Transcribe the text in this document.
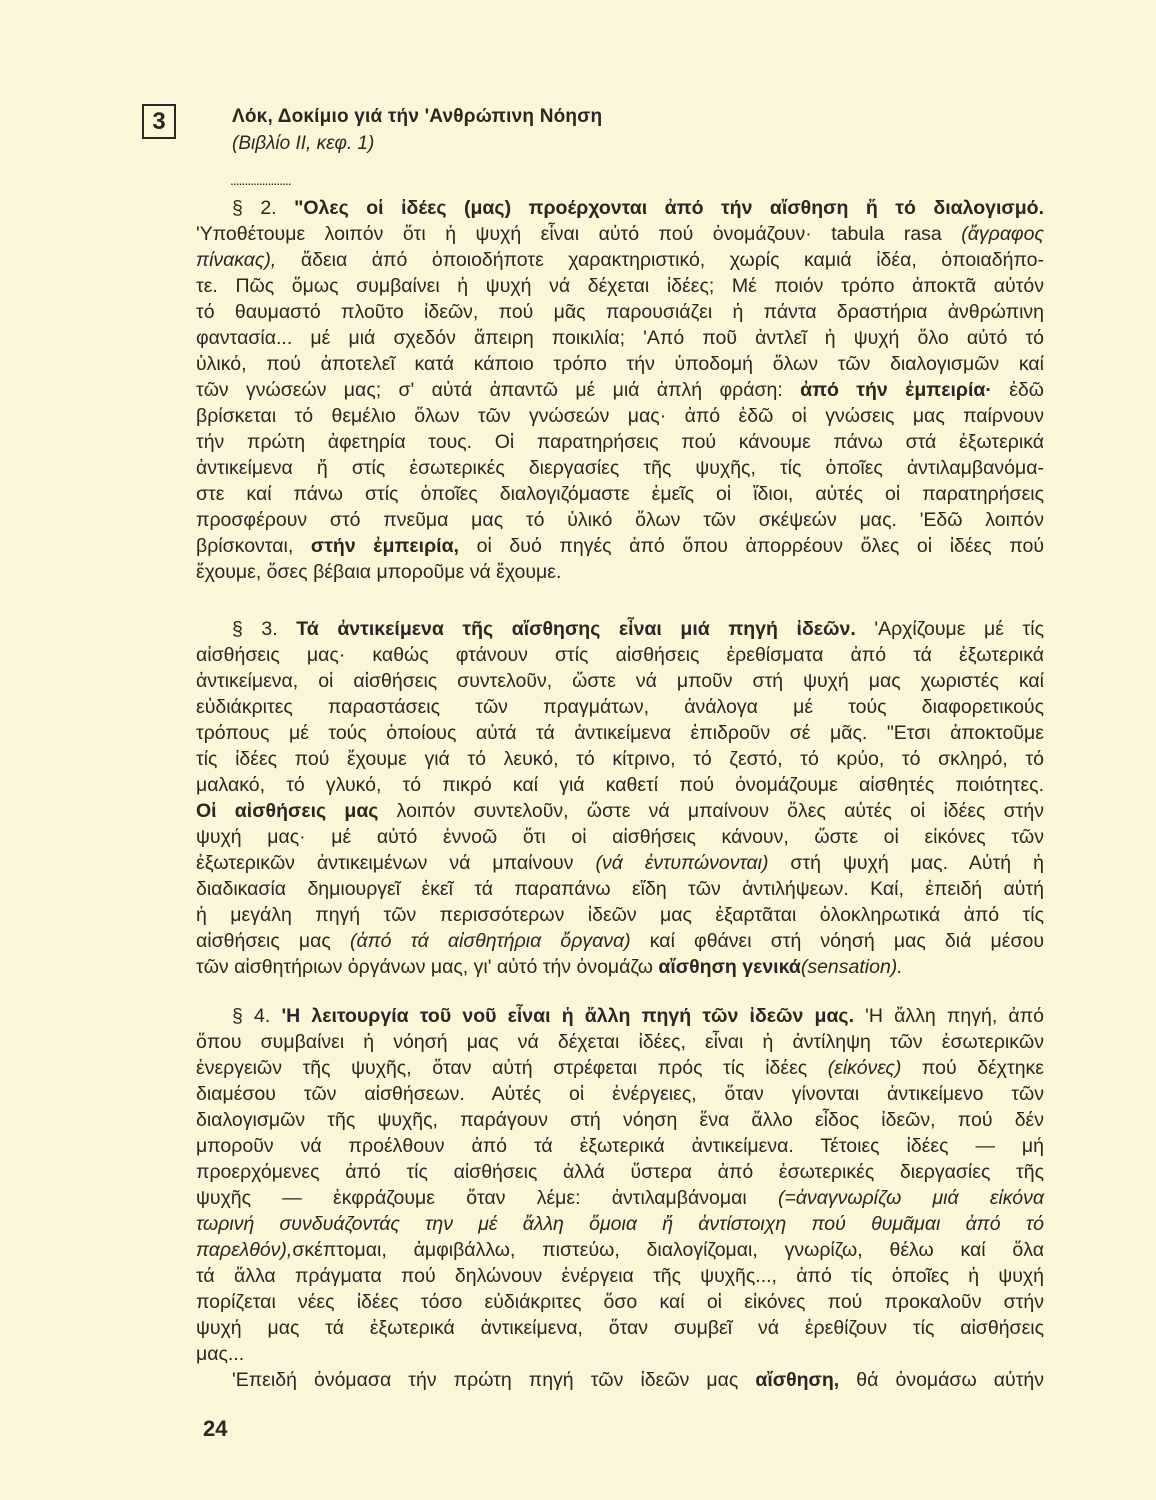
3	Λόκ, Δοκίμιο γιά τήν 'Ανθρώπινη Νόηση
(Βιβλίο II, κεφ. 1)
.....................
§ 2. "Ολες οἱ ἰδέες (μας) προέρχονται ἀπό τήν αἴσθηση ἤ τό διαλογισμό.
'Υποθέτουμε λοιπόν ὅτι ἡ ψυχή εἶναι αὐτό πού ὀνομάζουν· tabula rasa (ἄγραφος
πίνακας), ἄδεια ἀπό ὁποιοδήποτε χαρακτηριστικό, χωρίς καμιά ἰδέα, ὁποιαδήπο-
τε. Πῶς ὅμως συμβαίνει ἡ ψυχή νά δέχεται ἰδέες; Μέ ποιόν τρόπο ἀποκτᾶ αὐτόν
τό θαυμαστό πλοῦτο ἰδεῶν, πού μᾶς παρουσιάζει ἡ πάντα δραστήρια ἀνθρώπινη
φαντασία... μέ μιά σχεδόν ἄπειρη ποικιλία; 'Από ποῦ ἀντλεῖ ἡ ψυχή ὅλο αὐτό τό
ὑλικό, πού ἀποτελεῖ κατά κάποιο τρόπο τήν ὑποδομή ὅλων τῶν διαλογισμῶν καί
τῶν γνώσεών μας; σ' αὐτά ἀπαντῶ μέ μιά ἁπλή φράση: ἀπό τήν ἐμπειρία· ἐδῶ
βρίσκεται τό θεμέλιο ὅλων τῶν γνώσεών μας· ἀπό ἐδῶ οἱ γνώσεις μας παίρνουν
τήν πρώτη ἀφετηρία τους. Οἱ παρατηρήσεις πού κάνουμε πάνω στά ἐξωτερικά
ἀντικείμενα ἤ στίς ἐσωτερικές διεργασίες τῆς ψυχῆς, τίς ὁποῖες ἀντιλαμβανόμα-
στε καί πάνω στίς ὁποῖες διαλογιζόμαστε ἐμεῖς οἱ ἴδιοι, αὐτές οἱ παρατηρήσεις
προσφέρουν στό πνεῦμα μας τό ὑλικό ὅλων τῶν σκέψεών μας. 'Εδῶ λοιπόν
βρίσκονται, στήν ἐμπειρία, οἱ δυό πηγές ἀπό ὅπου ἀπορρέουν ὅλες οἱ ἰδέες πού
ἔχουμε, ὅσες βέβαια μποροῦμε νά ἔχουμε.
§ 3. Τά ἀντικείμενα τῆς αἴσθησης εἶναι μιά πηγή ἰδεῶν. 'Αρχίζουμε μέ τίς
αἰσθήσεις μας· καθώς φτάνουν στίς αἰσθήσεις ἐρεθίσματα ἀπό τά ἐξωτερικά
ἀντικείμενα, οἱ αἰσθήσεις συντελοῦν, ὥστε νά μποῦν στή ψυχή μας χωριστές καί
εὐδιάκριτες παραστάσεις τῶν πραγμάτων, ἀνάλογα μέ τούς διαφορετικούς
τρόπους μέ τούς ὁποίους αὐτά τά ἀντικείμενα ἐπιδροῦν σέ μᾶς. "Ετσι ἀποκτοῦμε
τίς ἰδέες πού ἔχουμε γιά τό λευκό, τό κίτρινο, τό ζεστό, τό κρύο, τό σκληρό, τό
μαλακό, τό γλυκό, τό πικρό καί γιά καθετί πού ὀνομάζουμε αἰσθητές ποιότητες.
Οἱ αἰσθήσεις μας λοιπόν συντελοῦν, ὥστε νά μπαίνουν ὅλες αὐτές οἱ ἰδέες στήν
ψυχή μας· μέ αὐτό ἐννοῶ ὅτι οἱ αἰσθήσεις κάνουν, ὥστε οἱ εἰκόνες τῶν
ἐξωτερικῶν ἀντικειμένων νά μπαίνουν (νά ἐντυπώνονται) στή ψυχή μας. Αὐτή ἡ
διαδικασία δημιουργεῖ ἐκεῖ τά παραπάνω εἴδη τῶν ἀντιλήψεων. Καί, ἐπειδή αὐτή
ἡ μεγάλη πηγή τῶν περισσότερων ἰδεῶν μας ἐξαρτᾶται ὁλοκληρωτικά ἀπό τίς
αἰσθήσεις μας (ἀπό τά αἰσθητήρια ὄργανα) καί φθάνει στή νόησή μας διά μέσου
τῶν αἰσθητήριων ὀργάνων μας, γι' αὐτό τήν ὀνομάζω αἴσθηση γενικά(sensation).
§ 4. 'Η λειτουργία τοῦ νοῦ εἶναι ἡ ἄλλη πηγή τῶν ἰδεῶν μας. 'Η ἄλλη πηγή, ἀπό
ὅπου συμβαίνει ἡ νόησή μας νά δέχεται ἰδέες, εἶναι ἡ ἀντίληψη τῶν ἐσωτερικῶν
ἐνεργειῶν τῆς ψυχῆς, ὅταν αὐτή στρέφεται πρός τίς ἰδέες (εἰκόνες) πού δέχτηκε
διαμέσου τῶν αἰσθήσεων. Αὐτές οἱ ἐνέργειες, ὅταν γίνονται ἀντικείμενο τῶν
διαλογισμῶν τῆς ψυχῆς, παράγουν στή νόηση ἕνα ἄλλο εἶδος ἰδεῶν, πού δέν
μποροῦν νά προέλθουν ἀπό τά ἐξωτερικά ἀντικείμενα. Τέτοιες ἰδέες — μή
προερχόμενες ἀπό τίς αἰσθήσεις ἀλλά ὕστερα ἀπό ἐσωτερικές διεργασίες τῆς
ψυχῆς — ἐκφράζουμε ὅταν λέμε: ἀντιλαμβάνομαι (=ἀναγνωρίζω μιά εἰκόνα
τωρινή συνδυάζοντάς την μέ ἄλλη ὅμοια ἤ ἀντίστοιχη πού θυμᾶμαι ἀπό τό
παρελθόν),σκέπτομαι, ἀμφιβάλλω, πιστεύω, διαλογίζομαι, γνωρίζω, θέλω καί ὅλα
τά ἄλλα πράγματα πού δηλώνουν ἐνέργεια τῆς ψυχῆς..., ἀπό τίς ὁποῖες ἡ ψυχή
πορίζεται νέες ἰδέες τόσο εὐδιάκριτες ὅσο καί οἱ εἰκόνες πού προκαλοῦν στήν
ψυχή μας τά ἐξωτερικά ἀντικείμενα, ὅταν συμβεῖ νά ἐρεθίζουν τίς αἰσθήσεις
μας...
'Επειδή ὀνόμασα τήν πρώτη πηγή τῶν ἰδεῶν μας αἴσθηση, θά ὀνομάσω αὐτήν
24
